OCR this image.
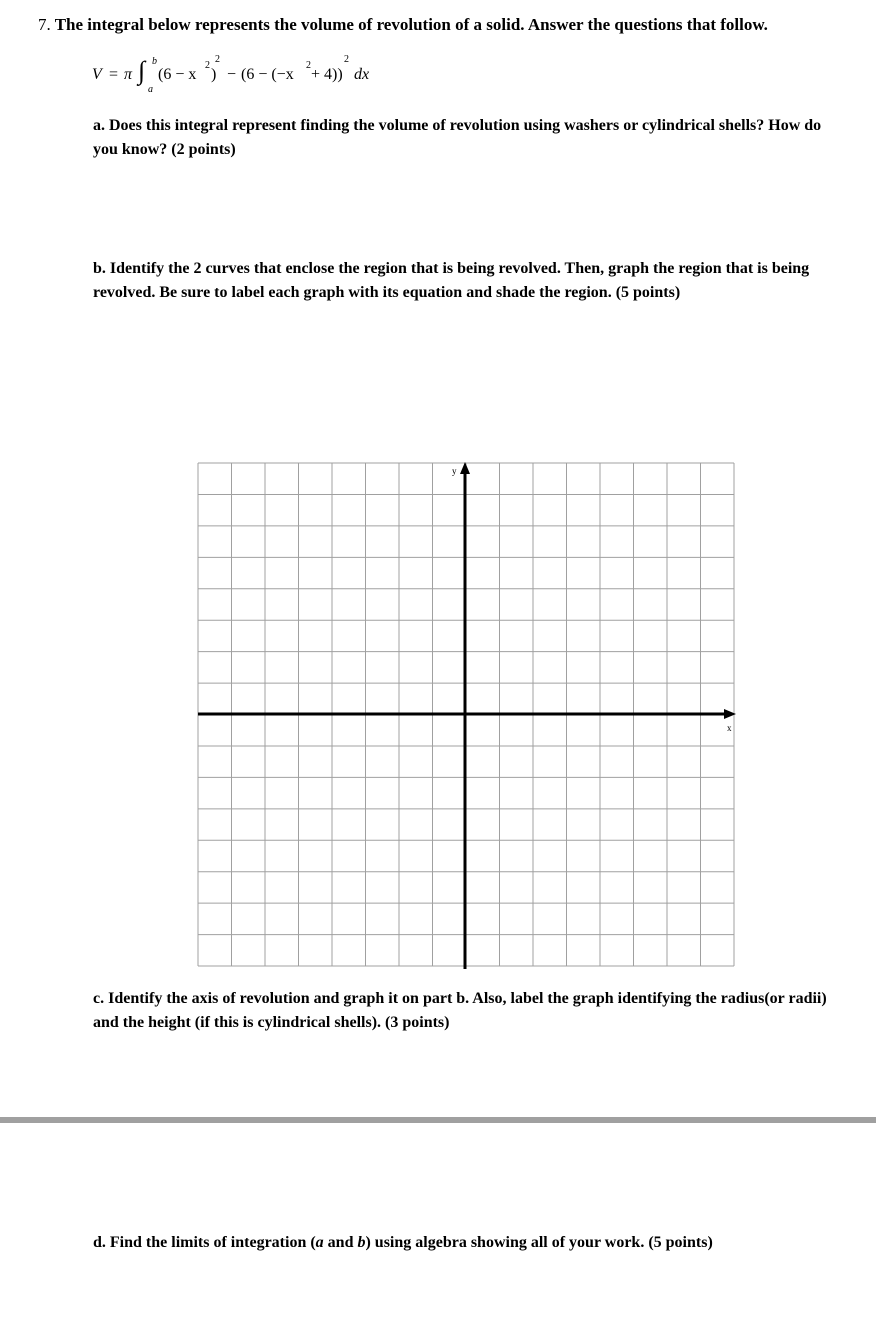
7. The integral below represents the volume of revolution of a solid. Answer the questions that follow.
V = π ∫ b
a
(6 − x
2
)
2
− (6 − (−x
2
+ 4))
2
dx
a. Does this integral represent finding the volume of revolution using washers or cylindrical shells? How do you know? (2 points)
b. Identify the 2 curves that enclose the region that is being revolved. Then, graph the region that is being revolved. Be sure to label each graph with its equation and shade the region. (5 points)
y
x
c. Identify the axis of revolution and graph it on part b. Also, label the graph identifying the radius(or radii) and the height (if this is cylindrical shells). (3 points)
d. Find the limits of integration (a and b) using algebra showing all of your work. (5 points)
